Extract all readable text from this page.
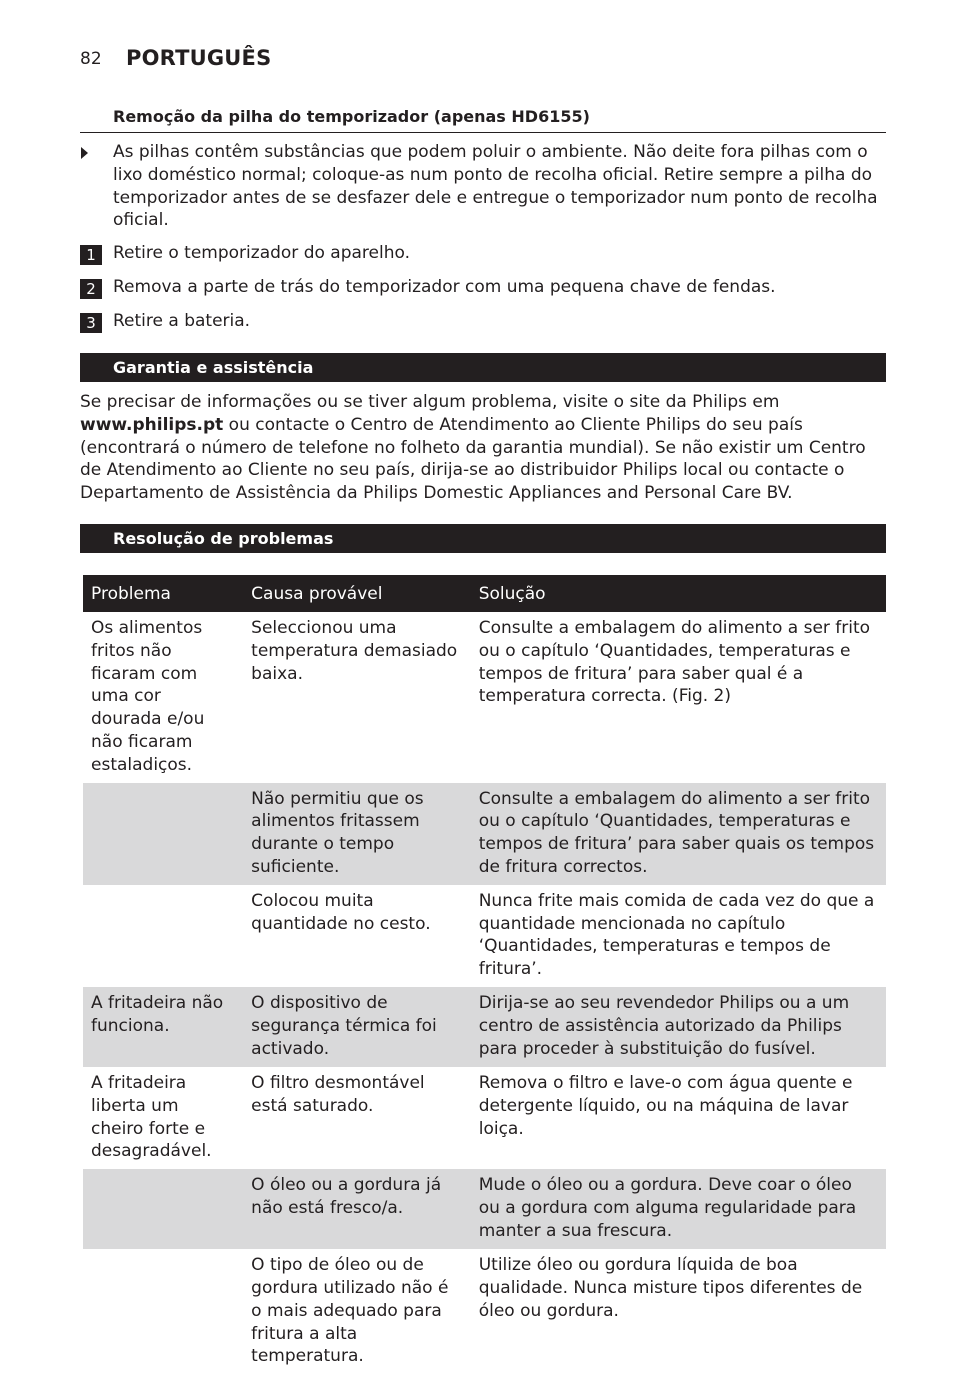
82 PORTUGUÊS
Remoção da pilha do temporizador (apenas HD6155)
As pilhas contêm substâncias que podem poluir o ambiente. Não deite fora pilhas com o lixo doméstico normal; coloque-as num ponto de recolha oficial. Retire sempre a pilha do temporizador antes de se desfazer dele e entregue o temporizador num ponto de recolha oficial.
1	Retire o temporizador do aparelho.
2	Remova a parte de trás do temporizador com uma pequena chave de fendas.
3	Retire a bateria.
Garantia e assistência
Se precisar de informações ou se tiver algum problema, visite o site da Philips em www.philips.pt ou contacte o Centro de Atendimento ao Cliente Philips do seu país (encontrará o número de telefone no folheto da garantia mundial). Se não existir um Centro de Atendimento ao Cliente no seu país, dirija-se ao distribuidor Philips local ou contacte o Departamento de Assistência da Philips Domestic Appliances and Personal Care BV.
Resolução de problemas
Problema	Causa provável	Solução
Os alimentos fritos não ficaram com uma cor dourada e/ou não ficaram estaladiços.	Seleccionou uma temperatura demasiado baixa.	Consulte a embalagem do alimento a ser frito ou o capítulo ‘Quantidades, temperaturas e tempos de fritura’ para saber qual é a temperatura correcta. (Fig. 2)
	Não permitiu que os alimentos fritassem durante o tempo suficiente.	Consulte a embalagem do alimento a ser frito ou o capítulo ‘Quantidades, temperaturas e tempos de fritura’ para saber quais os tempos de fritura correctos.
	Colocou muita quantidade no cesto.	Nunca frite mais comida de cada vez do que a quantidade mencionada no capítulo ‘Quantidades, temperaturas e tempos de fritura’.
A fritadeira não funciona.	O dispositivo de segurança térmica foi activado.	Dirija-se ao seu revendedor Philips ou a um centro de assistência autorizado da Philips para proceder à substituição do fusível.
A fritadeira liberta um cheiro forte e desagradável.	O filtro desmontável está saturado.	Remova o filtro e lave-o com água quente e detergente líquido, ou na máquina de lavar loiça.
	O óleo ou a gordura já não está fresco/a.	Mude o óleo ou a gordura. Deve coar o óleo ou a gordura com alguma regularidade para manter a sua frescura.
	O tipo de óleo ou de gordura utilizado não é o mais adequado para fritura a alta temperatura.	Utilize óleo ou gordura líquida de boa qualidade. Nunca misture tipos diferentes de óleo ou gordura.
